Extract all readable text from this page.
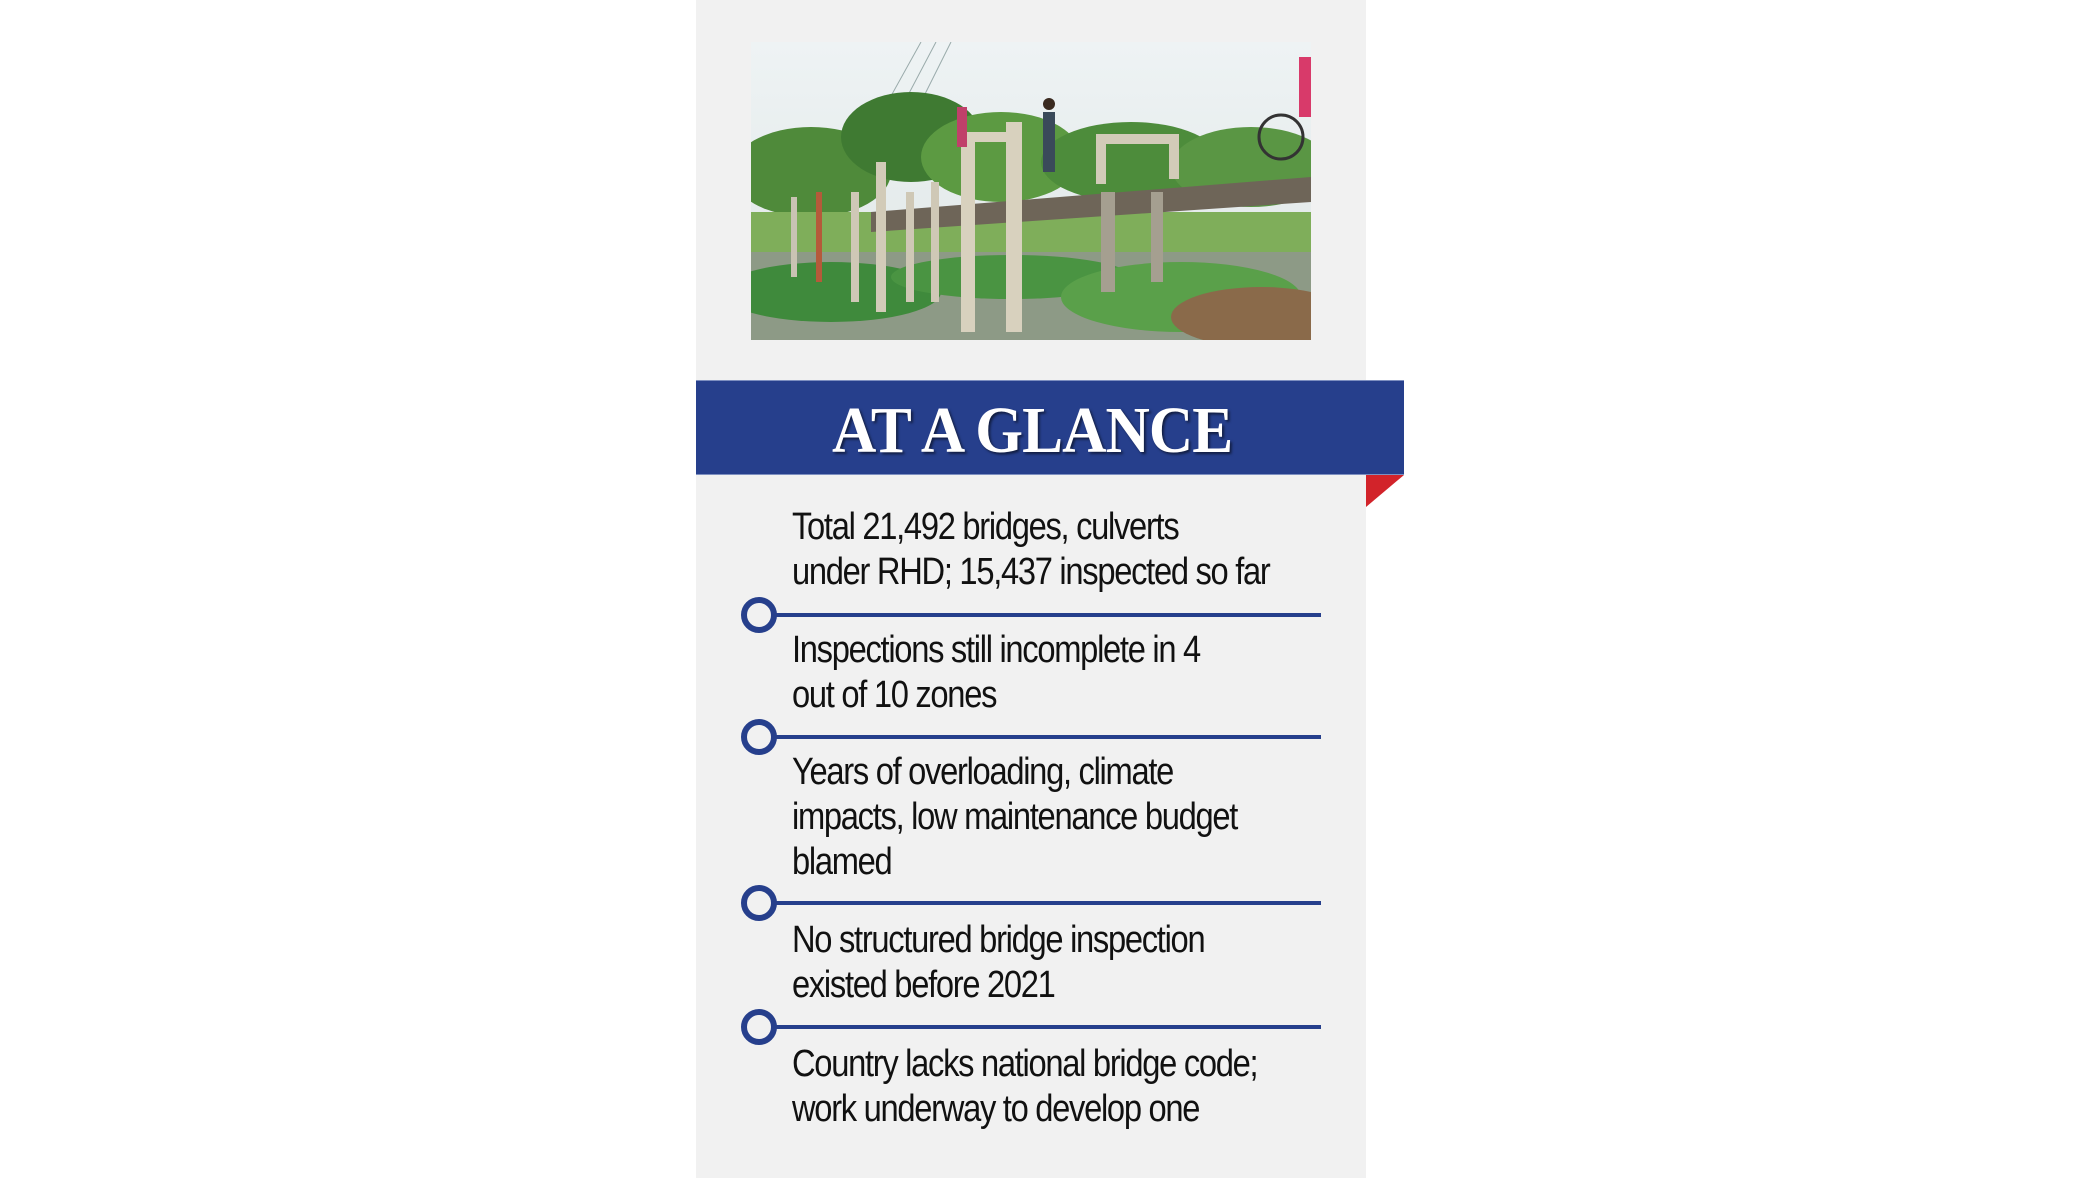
AT A GLANCE
Total 21,492 bridges, culverts
under RHD; 15,437 inspected so far
Inspections still incomplete in 4
out of 10 zones
Years of overloading, climate
impacts, low maintenance budget
blamed
No structured bridge inspection
existed before 2021
Country lacks national bridge code;
work underway to develop one
